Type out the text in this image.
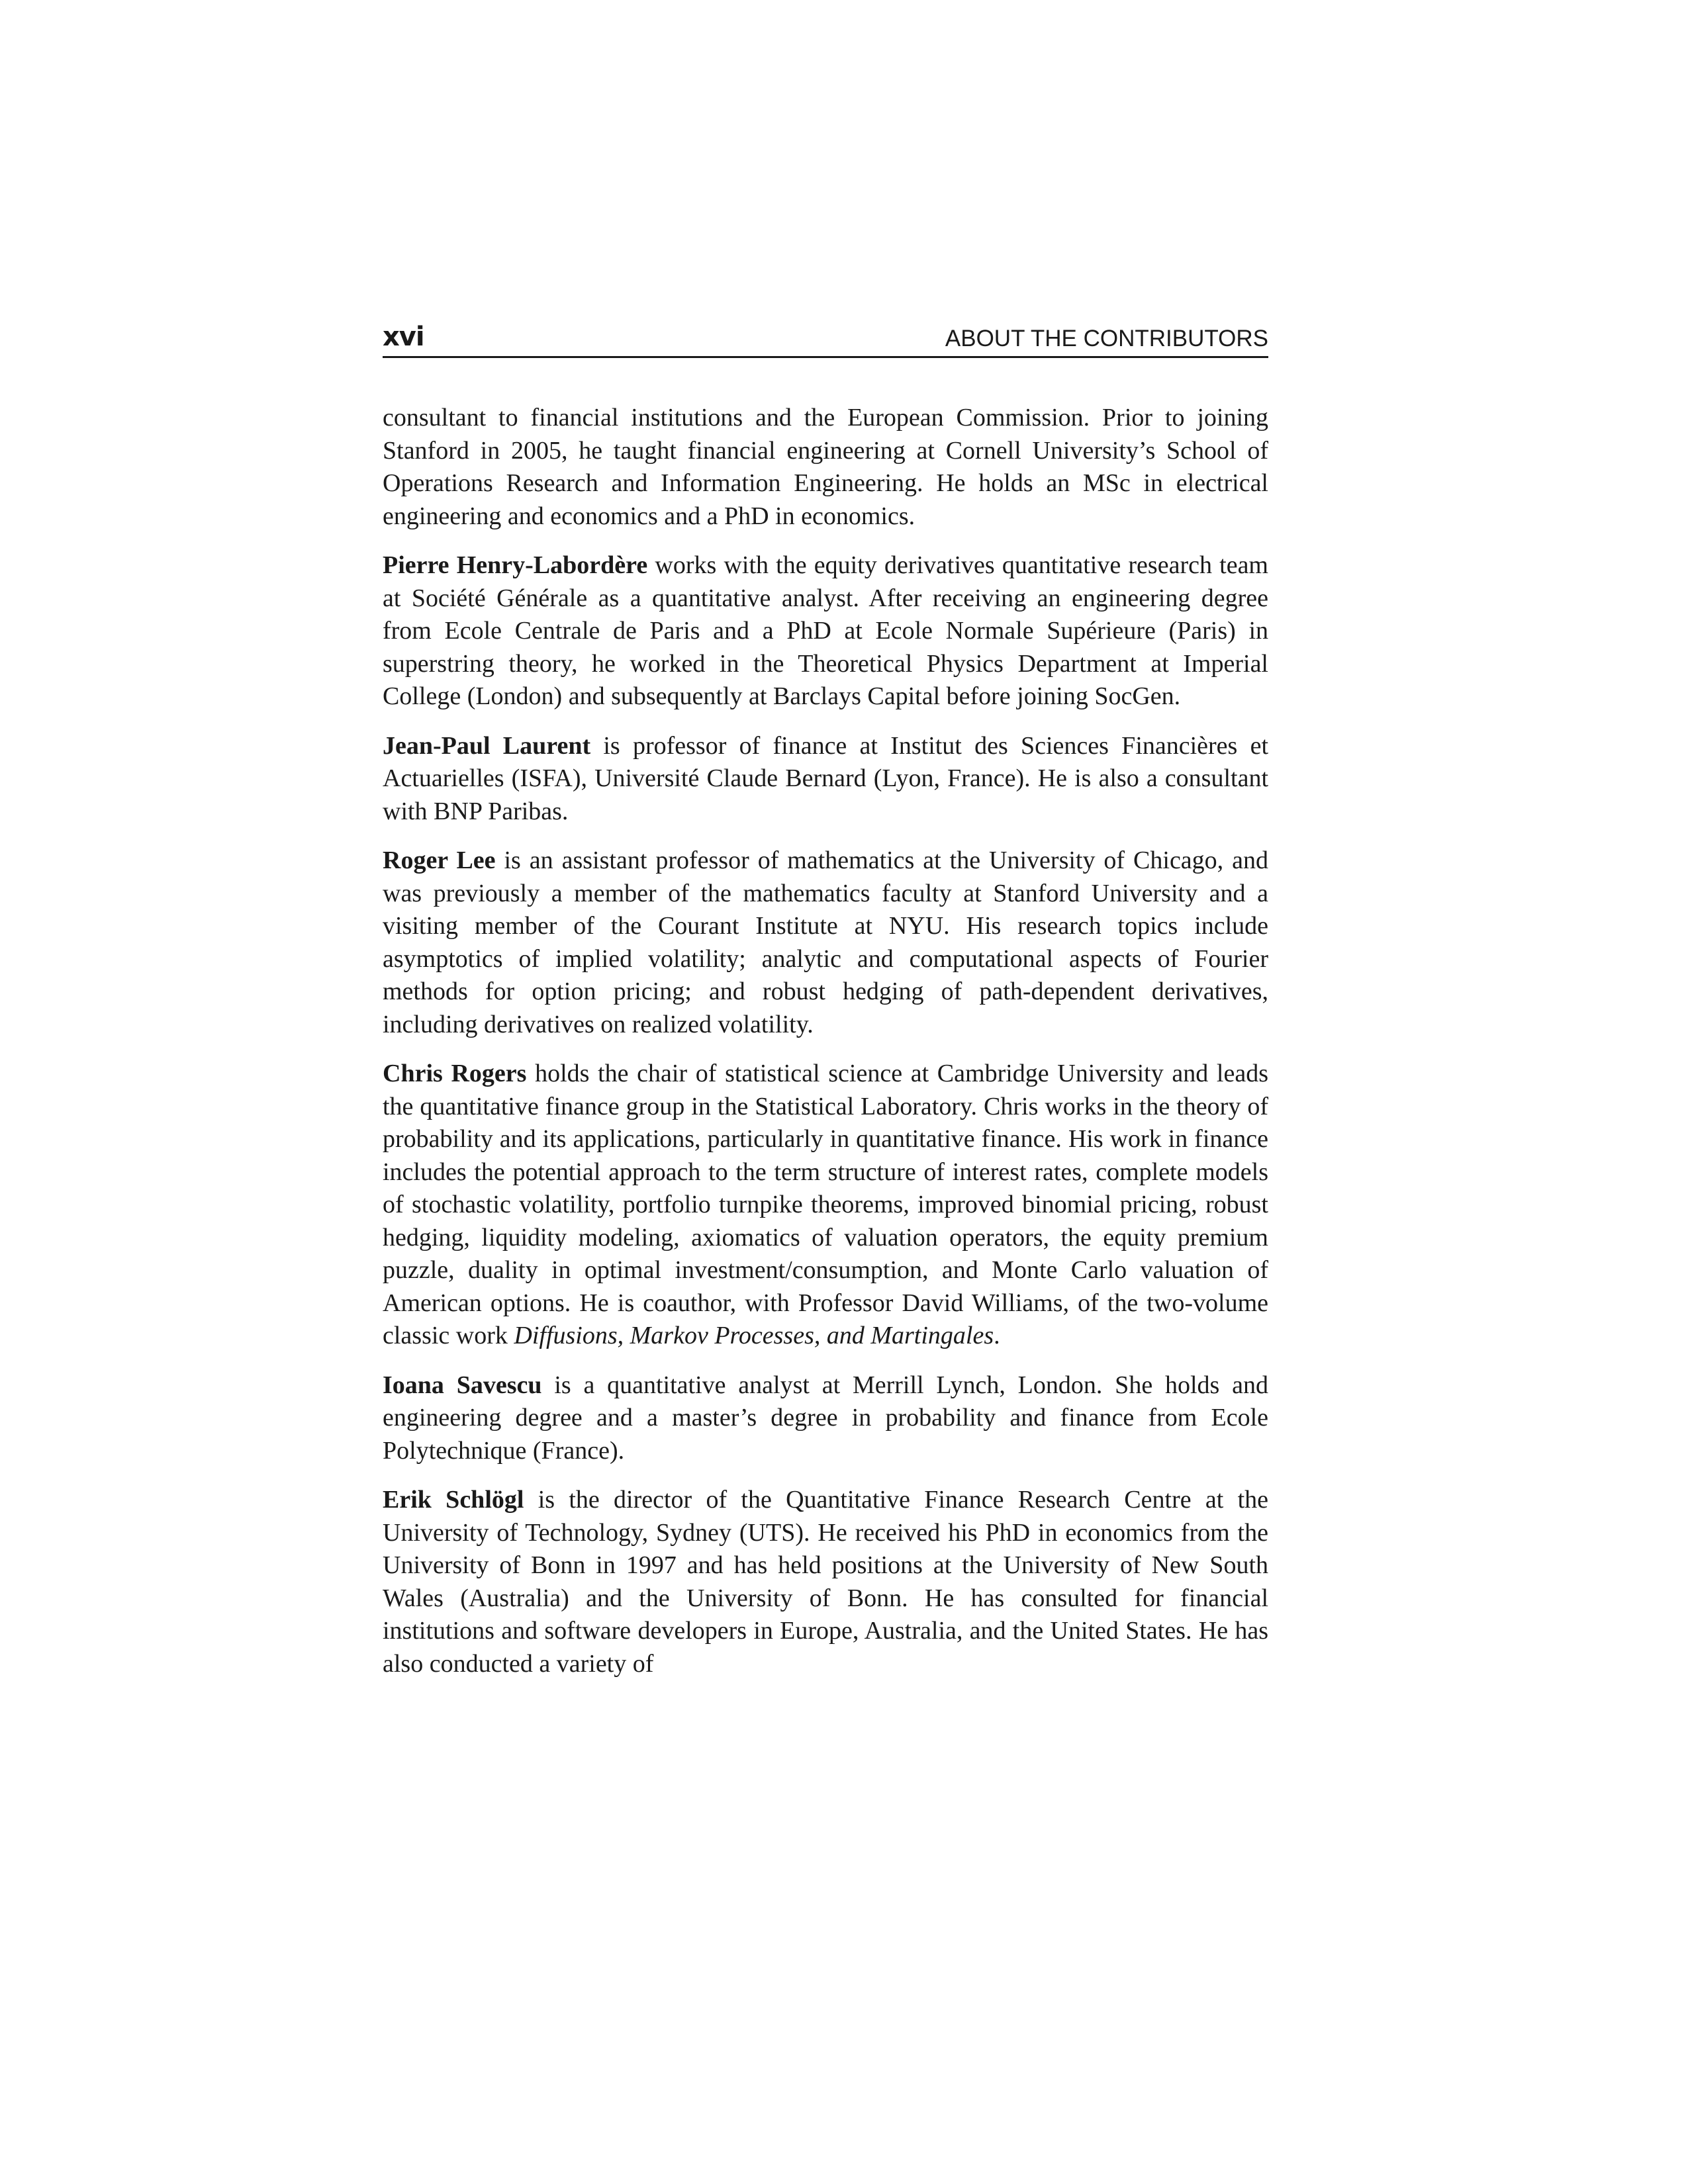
xvi	ABOUT THE CONTRIBUTORS

consultant to financial institutions and the European Commission. Prior to joining Stanford in 2005, he taught financial engineering at Cornell University’s School of Operations Research and Information Engineering. He holds an MSc in electrical engineering and economics and a PhD in economics.

Pierre Henry-Labordère works with the equity derivatives quantitative research team at Société Générale as a quantitative analyst. After receiving an engineering degree from Ecole Centrale de Paris and a PhD at Ecole Normale Supérieure (Paris) in superstring theory, he worked in the Theoretical Physics Department at Imperial College (London) and subsequently at Barclays Capital before joining SocGen.

Jean-Paul Laurent is professor of finance at Institut des Sciences Financières et Actuarielles (ISFA), Université Claude Bernard (Lyon, France). He is also a consultant with BNP Paribas.

Roger Lee is an assistant professor of mathematics at the University of Chicago, and was previously a member of the mathematics faculty at Stanford University and a visiting member of the Courant Institute at NYU. His research topics include asymptotics of implied volatility; analytic and computational aspects of Fourier methods for option pricing; and robust hedging of path-dependent derivatives, including derivatives on realized volatility.

Chris Rogers holds the chair of statistical science at Cambridge University and leads the quantitative finance group in the Statistical Laboratory. Chris works in the theory of probability and its applications, particularly in quantitative finance. His work in finance includes the potential approach to the term structure of interest rates, complete models of stochastic volatility, portfolio turnpike theorems, improved binomial pricing, robust hedging, liquidity modeling, axiomatics of valuation operators, the equity premium puzzle, duality in optimal investment/consumption, and Monte Carlo valuation of American options. He is coauthor, with Professor David Williams, of the two-volume classic work Diffusions, Markov Processes, and Martingales.

Ioana Savescu is a quantitative analyst at Merrill Lynch, London. She holds and engineering degree and a master’s degree in probability and finance from Ecole Polytechnique (France).

Erik Schlögl is the director of the Quantitative Finance Research Centre at the University of Technology, Sydney (UTS). He received his PhD in economics from the University of Bonn in 1997 and has held positions at the University of New South Wales (Australia) and the University of Bonn. He has consulted for financial institutions and software developers in Europe, Australia, and the United States. He has also conducted a variety of
